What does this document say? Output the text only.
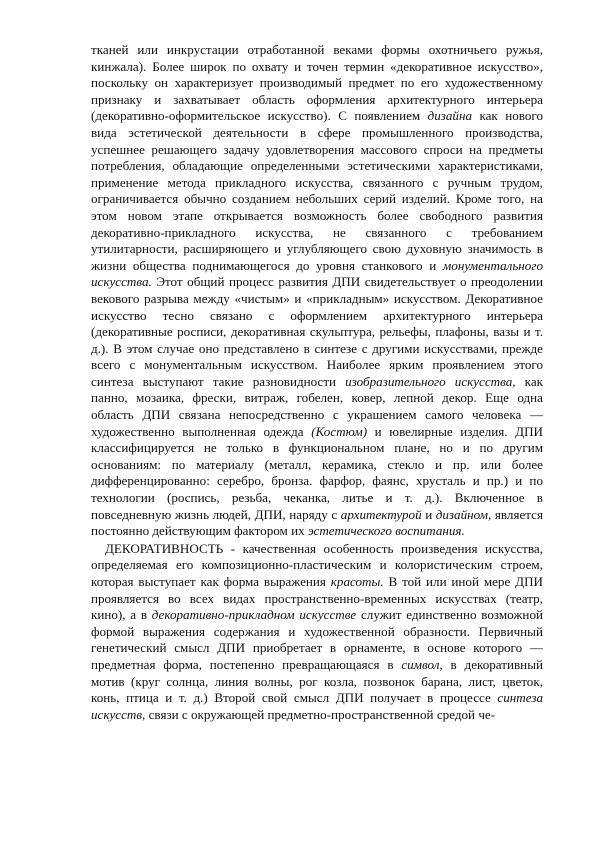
тканей или инкрустации отработанной веками формы охотничьего ружья, кинжала). Более широк по охвату и точен термин «декоративное искусство», поскольку он характеризует производимый предмет по его художественному признаку и захватывает область оформления архитектурного интерьера (декоративно-оформительское искусство). С появлением дизайна как нового вида эстетической деятельности в сфере промышленного производства, успешнее решающего задачу удовлетворения массового спроси на предметы потребления, обладающие определенными эстетическими характеристиками, применение метода прикладного искусства, связанного с ручным трудом, ограничивается обычно созданием небольших серий изделий. Кроме того, на этом новом этапе открывается возможность более свободного развития декоративно-прикладного искусства, не связанного с требованием утилитарности, расширяющего и углубляющего свою духовную значимость в жизни общества поднимающегося до уровня станкового и монументального искусства. Этот общий процесс развития ДПИ свидетельствует о преодолении векового разрыва между «чистым» и «прикладным» искусством. Декоративное искусство тесно связано с оформлением архитектурного интерьера (декоративные росписи, декоративная скульптура, рельефы, плафоны, вазы и т. д.). В этом случае оно представлено в синтезе с другими искусствами, прежде всего с монументальным искусством. Наиболее ярким проявлением этого синтеза выступают такие разновидности изобразительного искусства, как панно, мозаика, фрески, витраж, гобелен, ковер, лепной декор. Еще одна область ДПИ связана непосредственно с украшением самого человека — художественно выполненная одежда (Костюм) и ювелирные изделия. ДПИ классифицируется не только в функциональном плане, но и по другим основаниям: по материалу (металл, керамика, стекло и пр. или более дифференцированно: серебро, бронза. фарфор, фаянс, хрусталь и пр.) и по технологии (роспись, резьба, чеканка, литье и т. д.). Включенное в повседневную жизнь людей, ДПИ, наряду с архитектурой и дизайном, является постоянно действующим фактором их эстетического воспитания.

ДЕКОРАТИВНОСТЬ - качественная особенность произведения искусства, определяемая его композиционно-пластическим и колористическим строем, которая выступает как форма выражения красоты. В той или иной мере ДПИ проявляется во всех видах пространственно-временных искусствах (театр, кино), а в декоративно-прикладном искусстве служит единственно возможной формой выражения содержания и художественной образности. Первичный генетический смысл ДПИ приобретает в орнаменте, в основе которого — предметная форма, постепенно превращающаяся в символ, в декоративный мотив (круг солнца, линия волны, рог козла, позвонок барана, лист, цветок, конь, птица и т. д.) Второй свой смысл ДПИ получает в процессе синтеза искусств, связи с окружающей предметно-пространственной средой че-
